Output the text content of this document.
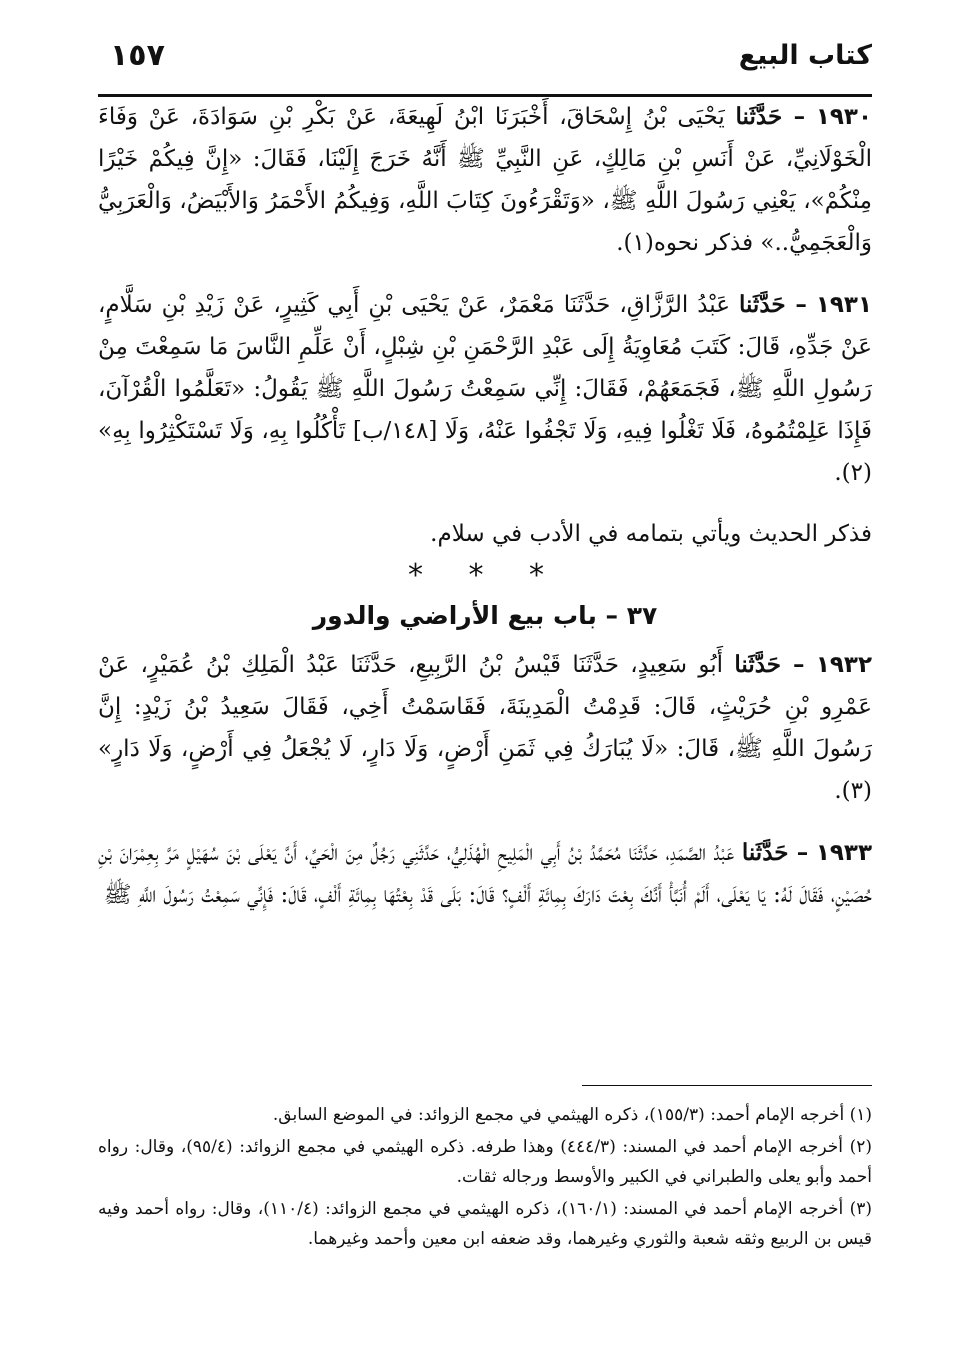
كتاب البيع
١٥٧

١٩٣٠ – حَدَّثَنا يَحْيَى بْنُ إِسْحَاقَ، أَخْبَرَنَا ابْنُ لَهِيعَةَ، عَنْ بَكْرِ بْنِ سَوَادَةَ، عَنْ وَفَاءَ الْخَوْلَانِيِّ، عَنْ أَنَسِ بْنِ مَالِكٍ، عَنِ النَّبِيِّ ﷺ أَنَّهُ خَرَجَ إِلَيْنَا، فَقَالَ: «إِنَّ فِيكُمْ خَيْرًا مِنْكُمْ»، يَعْنِي رَسُولَ اللَّهِ ﷺ، «وَتَقْرَءُونَ كِتَابَ اللَّهِ، وَفِيكُمُ الأَحْمَرُ وَالأَبْيَضُ، وَالْعَرَبِيُّ وَالْعَجَمِيُّ..» فذكر نحوه(١).

١٩٣١ – حَدَّثَنا عَبْدُ الرَّزَّاقِ، حَدَّثَنَا مَعْمَرٌ، عَنْ يَحْيَى بْنِ أَبِي كَثِيرٍ، عَنْ زَيْدِ بْنِ سَلَّامٍ، عَنْ جَدِّهِ، قَالَ: كَتَبَ مُعَاوِيَةُ إِلَى عَبْدِ الرَّحْمَنِ بْنِ شِبْلٍ، أَنْ عَلِّمِ النَّاسَ مَا سَمِعْتَ مِنْ رَسُولِ اللَّهِ ﷺ، فَجَمَعَهُمْ، فَقَالَ: إِنِّي سَمِعْتُ رَسُولَ اللَّهِ ﷺ يَقُولُ: «تَعَلَّمُوا الْقُرْآنَ، فَإِذَا عَلِمْتُمُوهُ، فَلَا تَغْلُوا فِيهِ، وَلَا تَجْفُوا عَنْهُ، وَلَا [١٤٨/ب] تَأْكُلُوا بِهِ، وَلَا تَسْتَكْثِرُوا بِهِ» (٢).

فذكر الحديث ويأتي بتمامه في الأدب في سلام.

* * *
٣٧ – باب بيع الأراضي والدور

١٩٣٢ – حَدَّثَنا أَبُو سَعِيدٍ، حَدَّثَنَا قَيْسُ بْنُ الرَّبِيعِ، حَدَّثَنَا عَبْدُ الْمَلِكِ بْنُ عُمَيْرٍ، عَنْ عَمْرِو بْنِ حُرَيْثٍ، قَالَ: قَدِمْتُ الْمَدِينَةَ، فَقَاسَمْتُ أَخِي، فَقَالَ سَعِيدُ بْنُ زَيْدٍ: إِنَّ رَسُولَ اللَّهِ ﷺ، قَالَ: «لَا يُبَارَكُ فِي ثَمَنِ أَرْضٍ، وَلَا دَارٍ، لَا يُجْعَلُ فِي أَرْضٍ، وَلَا دَارٍ» (٣).

١٩٣٣ – حَدَّثَنا عَبْدُ الصَّمَدِ، حَدَّثَنَا مُحَمَّدُ بْنُ أَبِي الْمَلِيحِ الْهُذَلِيُّ، حَدَّثَنِي رَجُلٌ مِنَ الْحَيِّ، أَنَّ يَعْلَى بْنَ سُهَيْلٍ مَرَّ بِعِمْرَانَ بْنِ حُصَيْنٍ، فَقَالَ لَهُ: يَا يَعْلَى، أَلَمْ أُنَبَّأْ أَنَّكَ بِعْتَ دَارَكَ بِمِائَةِ أَلْفٍ؟ قَالَ: بَلَى قَدْ بِعْتُهَا بِمِائَةِ أَلْفٍ، قَالَ: فَإِنِّي سَمِعْتُ رَسُولَ اللَّهِ ﷺ

(١) أخرجه الإمام أحمد: (١٥٥/٣)، ذكره الهيثمي في مجمع الزوائد: في الموضع السابق.

(٢) أخرجه الإمام أحمد في المسند: (٤٤٤/٣) وهذا طرفه. ذكره الهيثمي في مجمع الزوائد: (٩٥/٤)، وقال: رواه أحمد وأبو يعلى والطبراني في الكبير والأوسط ورجاله ثقات.

(٣) أخرجه الإمام أحمد في المسند: (١٦٠/١)، ذكره الهيثمي في مجمع الزوائد: (١١٠/٤)، وقال: رواه أحمد وفيه قيس بن الربيع وثقه شعبة والثوري وغيرهما، وقد ضعفه ابن معين وأحمد وغيرهما.
